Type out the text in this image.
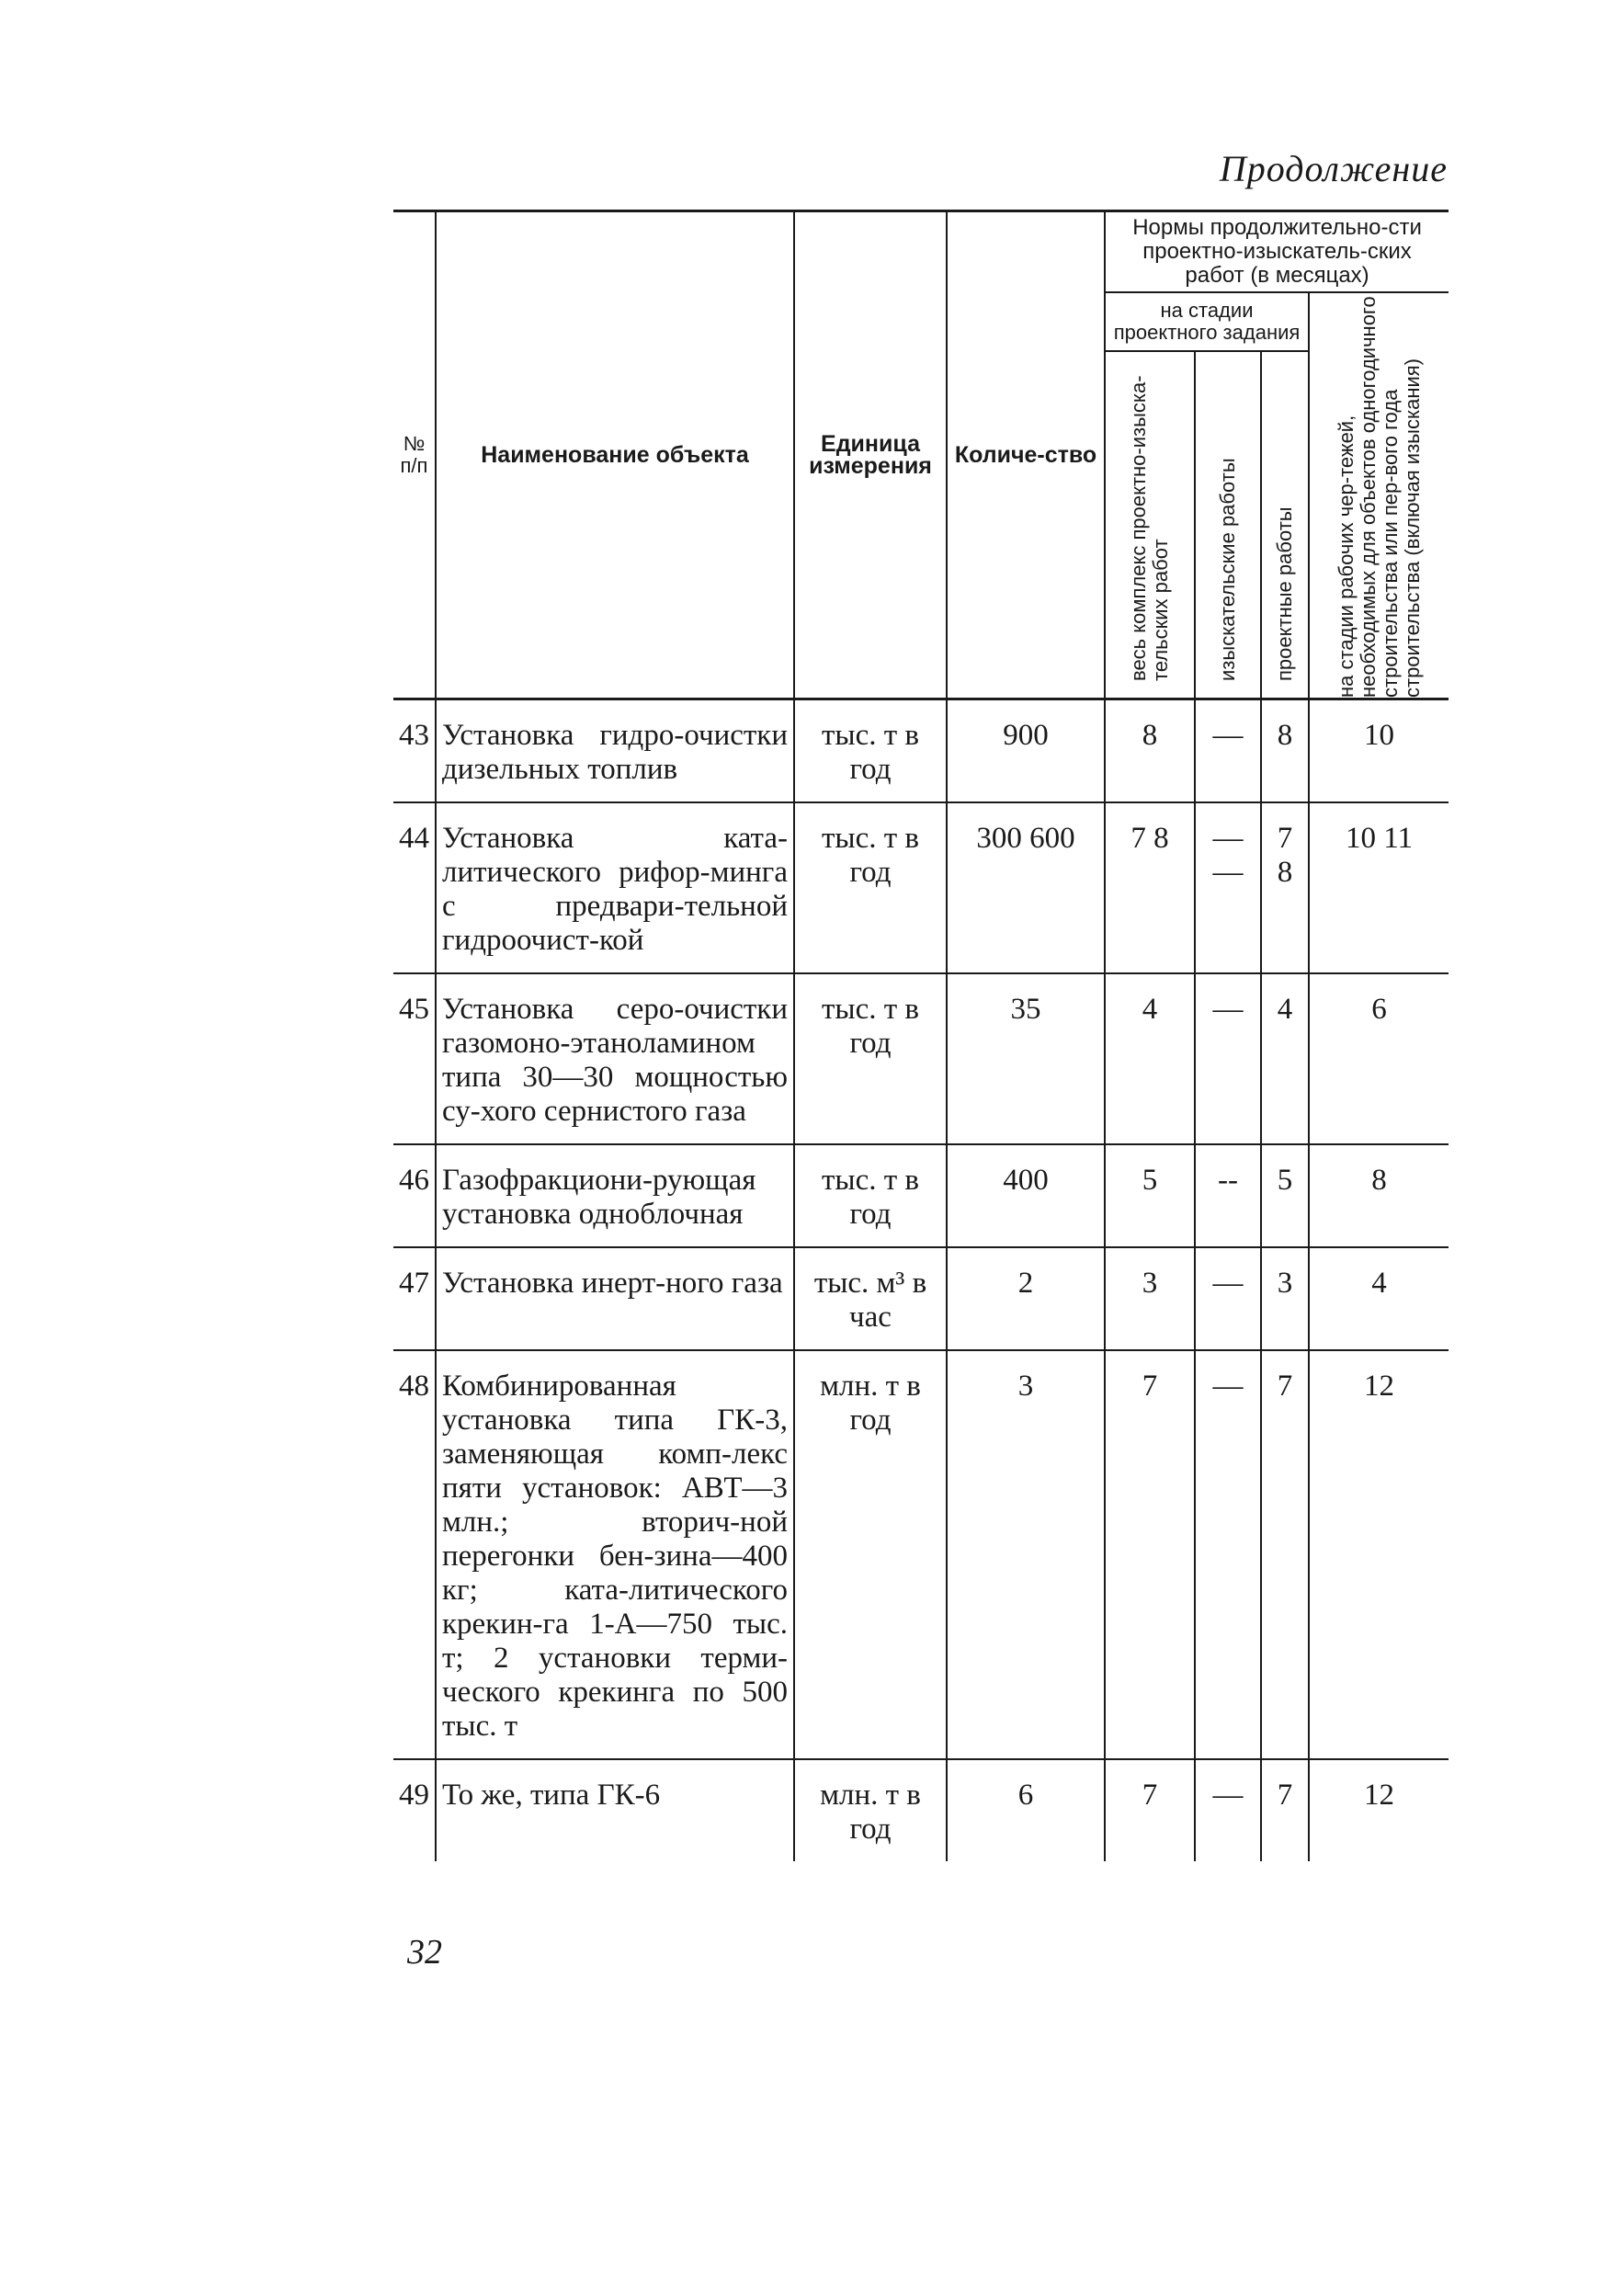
Продолжение
№ п/п	Наименование объекта	Единица измерения	Количе-ство	Нормы продолжительно-сти проектно-изыскатель-ских работ (в месяцах)			
				на стадии проектного задания			на стадии рабочих чер-тежей, необходимых для объектов одногодичного строительства или пер-вого года строительства (включая изыскания)

				весь комплекс проектно-изыска-тельских работ	изыскательские работы	проектные работы	

43	Установка гидро-очистки дизельных топлив	тыс. т в год	900	8	—	8	10
44	Установка ката-литического рифор-минга с предвари-тельной гидроочист-кой	тыс. т в год	300 600	7 8	— —	7 8	10 11
45	Установка серо-очистки газомоно-этаноламином типа 30—30 мощностью су-хого сернистого газа	тыс. т в год	35	4	—	4	6
46	Газофракциони-рующая установка одноблочная	тыс. т в год	400	5	--	5	8
47	Установка инерт-ного газа	тыс. м³ в час	2	3	—	3	4
48	Комбинированная установка типа ГК-3, заменяющая комп-лекс пяти установок: АВТ—3 млн.; вторич-ной перегонки бен-зина—400 кг; ката-литического крекин-га 1-А—750 тыс. т; 2 установки терми-ческого крекинга по 500 тыс. т	млн. т в год	3	7	—	7	12
49	То же, типа ГК-6	млн. т в год	6	7	—	7	12
32
